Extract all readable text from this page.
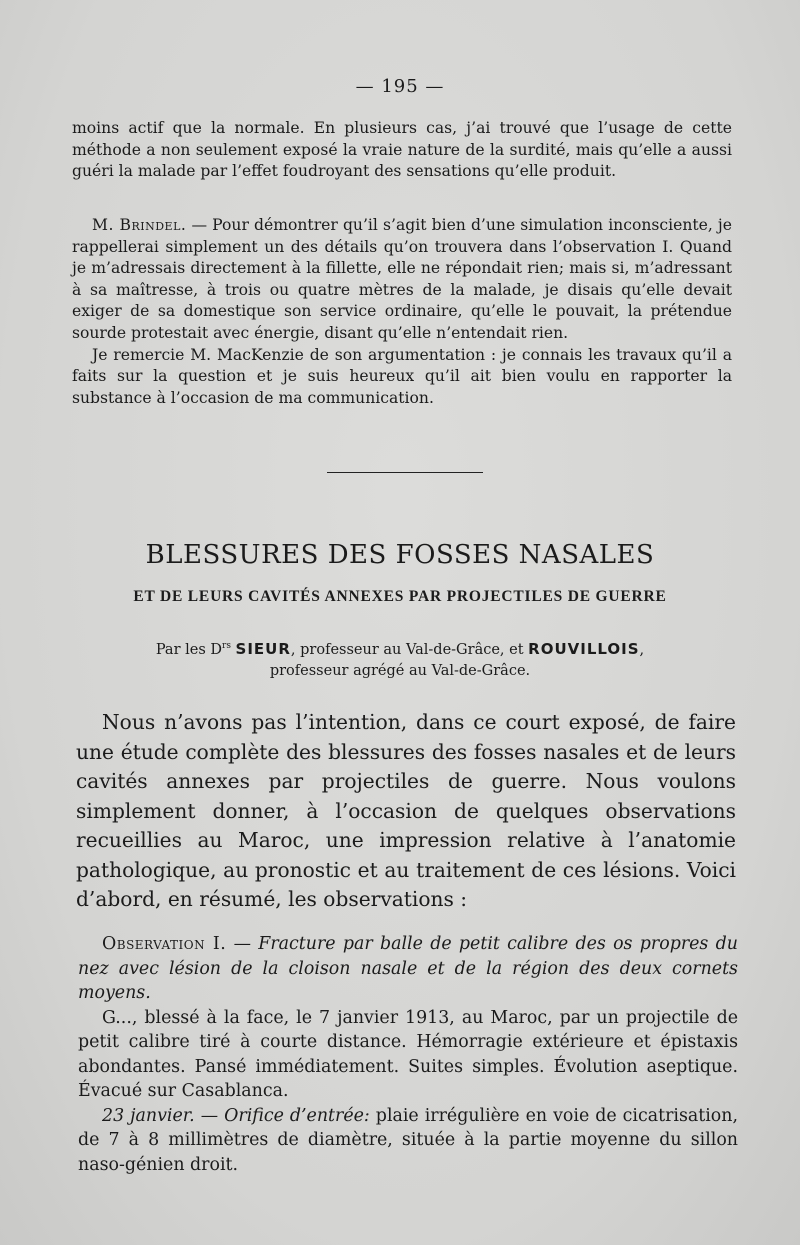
— 195 —

moins actif que la normale. En plusieurs cas, j’ai trouvé que l’usage de cette méthode a non seulement exposé la vraie nature de la surdité, mais qu’elle a aussi guéri la malade par l’effet foudroyant des sensations qu’elle produit.

M. Brindel. — Pour démontrer qu’il s’agit bien d’une simulation inconsciente, je rappellerai simplement un des détails qu’on trouvera dans l’observation I. Quand je m’adressais directement à la fillette, elle ne répondait rien; mais si, m’adressant à sa maîtresse, à trois ou quatre mètres de la malade, je disais qu’elle devait exiger de sa domestique son service ordinaire, qu’elle le pouvait, la prétendue sourde protestait avec énergie, disant qu’elle n’entendait rien.

Je remercie M. MacKenzie de son argumentation : je connais les travaux qu’il a faits sur la question et je suis heureux qu’il ait bien voulu en rapporter la substance à l’occasion de ma communication.

BLESSURES DES FOSSES NASALES
ET DE LEURS CAVITÉS ANNEXES PAR PROJECTILES DE GUERRE
Par les $D^{rs}$ SIEUR, professeur au Val-de-Grâce, et ROUVILLOIS,
professeur agrégé au Val-de-Grâce.

Nous n’avons pas l’intention, dans ce court exposé, de faire une étude complète des blessures des fosses nasales et de leurs cavités annexes par projectiles de guerre. Nous voulons simplement donner, à l’occasion de quelques observations recueillies au Maroc, une impression relative à l’anatomie pathologique, au pronostic et au traitement de ces lésions. Voici d’abord, en résumé, les observations :

Observation I. — Fracture par balle de petit calibre des os propres du nez avec lésion de la cloison nasale et de la région des deux cornets moyens.

G..., blessé à la face, le 7 janvier 1913, au Maroc, par un projectile de petit calibre tiré à courte distance. Hémorragie extérieure et épistaxis abondantes. Pansé immédiatement. Suites simples. Évolution aseptique. Évacué sur Casablanca.

23 janvier. — Orifice d’entrée: plaie irrégulière en voie de cicatrisation, de 7 à 8 millimètres de diamètre, située à la partie moyenne du sillon naso-génien droit.
